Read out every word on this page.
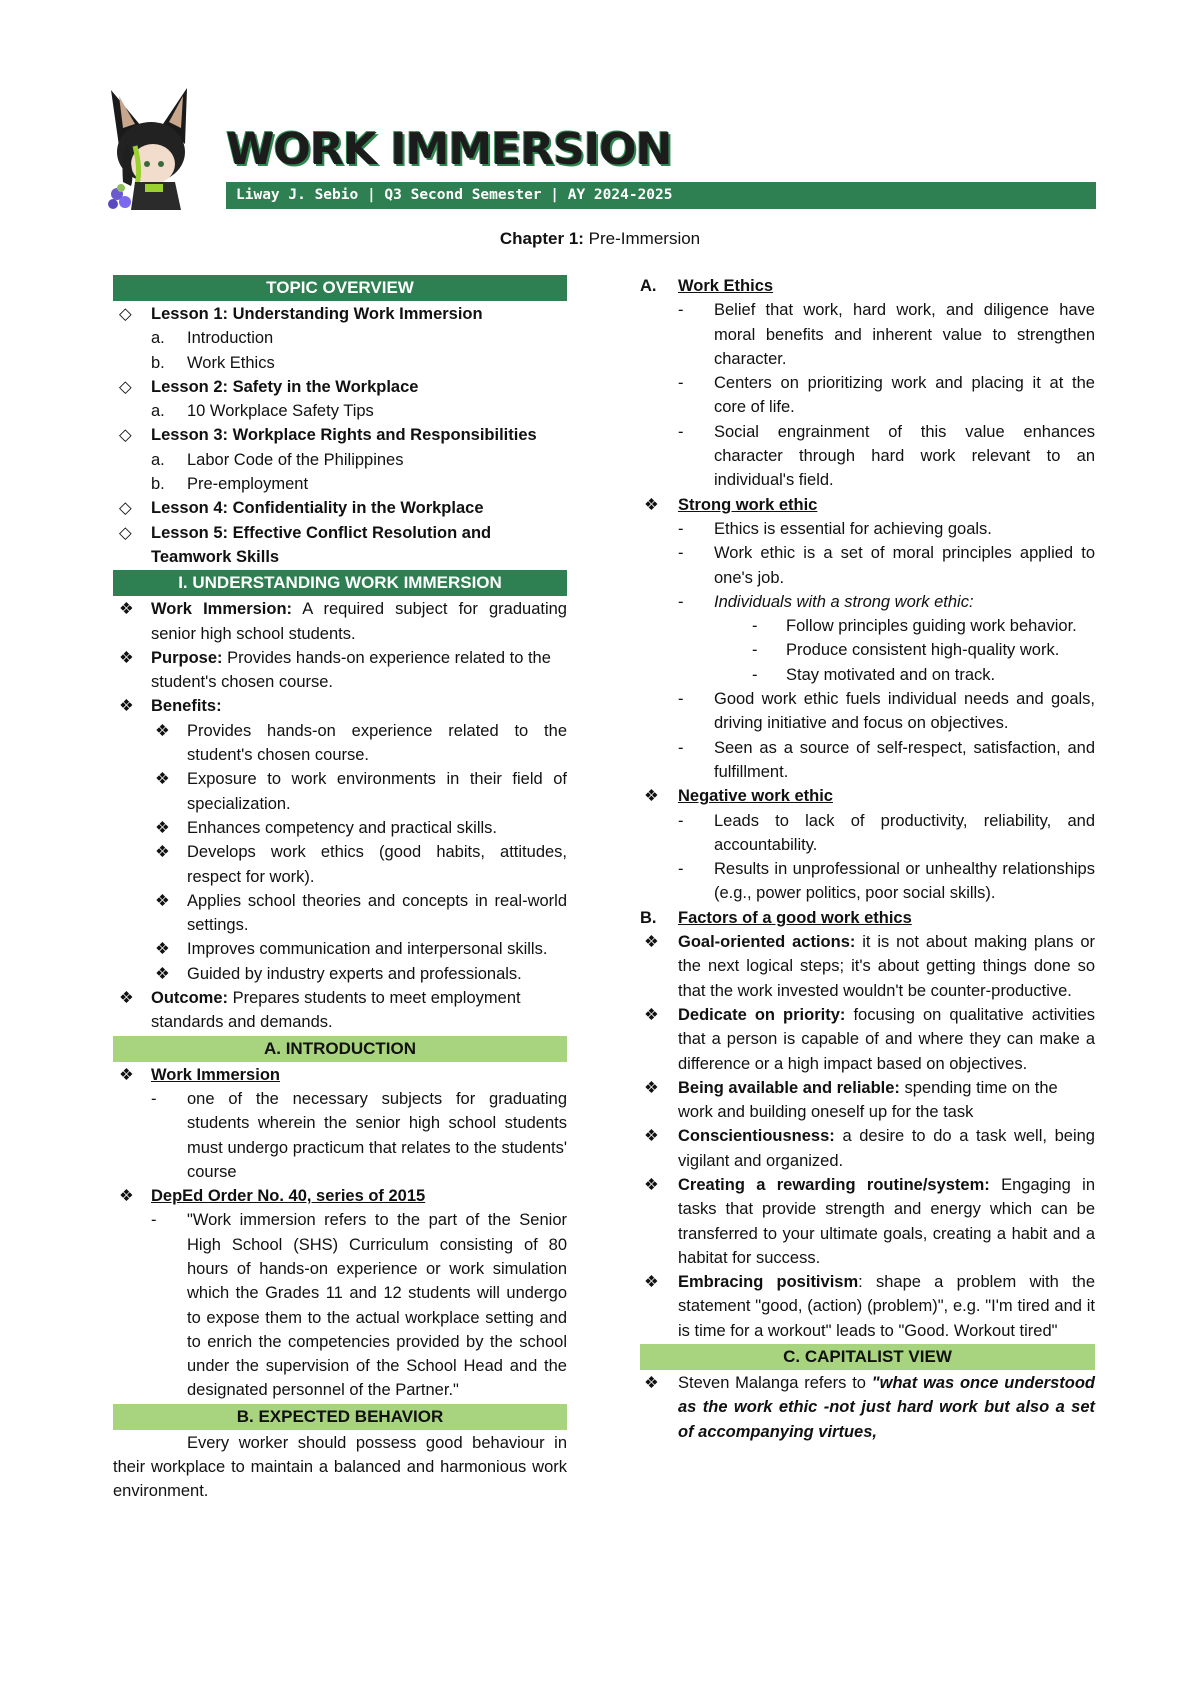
WORK IMMERSION
Liway J. Sebio | Q3 Second Semester | AY 2024-2025
Chapter 1: Pre-Immersion
TOPIC OVERVIEW
◇	Lesson 1: Understanding Work Immersion
a.	Introduction
b.	Work Ethics
◇	Lesson 2: Safety in the Workplace
a.	10 Workplace Safety Tips
◇	Lesson 3: Workplace Rights and Responsibilities
a.	Labor Code of the Philippines
b.	Pre-employment
◇	Lesson 4: Confidentiality in the Workplace
◇	Lesson 5: Effective Conflict Resolution and Teamwork Skills
I. UNDERSTANDING WORK IMMERSION
❖	Work Immersion: A required subject for graduating senior high school students.
❖	Purpose: Provides hands-on experience related to the student's chosen course.
❖	Benefits:
❖	Provides hands-on experience related to the student's chosen course.
❖	Exposure to work environments in their field of specialization.
❖	Enhances competency and practical skills.
❖	Develops work ethics (good habits, attitudes, respect for work).
❖	Applies school theories and concepts in real-world settings.
❖	Improves communication and interpersonal skills.
❖	Guided by industry experts and professionals.
❖	Outcome: Prepares students to meet employment standards and demands.
A. INTRODUCTION
❖	Work Immersion
-	one of the necessary subjects for graduating students wherein the senior high school students must undergo practicum that relates to the students' course
❖	DepEd Order No. 40, series of 2015
-	"Work immersion refers to the part of the Senior High School (SHS) Curriculum consisting of 80 hours of hands-on experience or work simulation which the Grades 11 and 12 students will undergo to expose them to the actual workplace setting and to enrich the competencies provided by the school under the supervision of the School Head and the designated personnel of the Partner."
B. EXPECTED BEHAVIOR
Every worker should possess good behaviour in their workplace to maintain a balanced and harmonious work environment.
A.	Work Ethics
-	Belief that work, hard work, and diligence have moral benefits and inherent value to strengthen character.
-	Centers on prioritizing work and placing it at the core of life.
-	Social engrainment of this value enhances character through hard work relevant to an individual's field.
❖	Strong work ethic
-	Ethics is essential for achieving goals.
-	Work ethic is a set of moral principles applied to one's job.
-	Individuals with a strong work ethic:
-	Follow principles guiding work behavior.
-	Produce consistent high-quality work.
-	Stay motivated and on track.
-	Good work ethic fuels individual needs and goals, driving initiative and focus on objectives.
-	Seen as a source of self-respect, satisfaction, and fulfillment.
❖	Negative work ethic
-	Leads to lack of productivity, reliability, and accountability.
-	Results in unprofessional or unhealthy relationships (e.g., power politics, poor social skills).
B.	Factors of a good work ethics
❖	Goal-oriented actions: it is not about making plans or the next logical steps; it's about getting things done so that the work invested wouldn't be counter-productive.
❖	Dedicate on priority: focusing on qualitative activities that a person is capable of and where they can make a difference or a high impact based on objectives.
❖	Being available and reliable: spending time on the work and building oneself up for the task
❖	Conscientiousness: a desire to do a task well, being vigilant and organized.
❖	Creating a rewarding routine/system: Engaging in tasks that provide strength and energy which can be transferred to your ultimate goals, creating a habit and a habitat for success.
❖	Embracing positivism: shape a problem with the statement "good, (action) (problem)", e.g. "I'm tired and it is time for a workout" leads to "Good. Workout tired"
C. CAPITALIST VIEW
❖	Steven Malanga refers to "what was once understood as the work ethic -not just hard work but also a set of accompanying virtues,
